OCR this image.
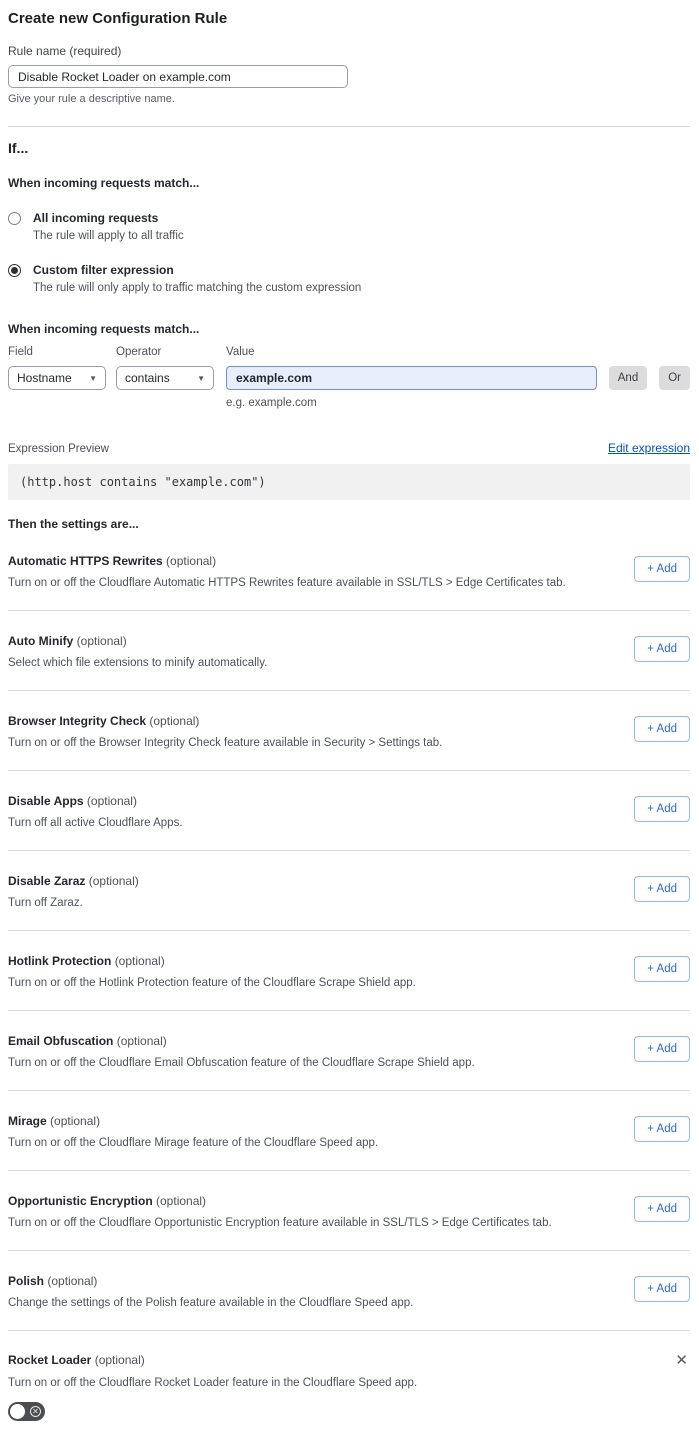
Create new Configuration Rule
Rule name (required)
Disable Rocket Loader on example.com
Give your rule a descriptive name.
If...
When incoming requests match...
All incoming requests
The rule will apply to all traffic
Custom filter expression
The rule will only apply to traffic matching the custom expression
When incoming requests match...
Field
Hostname	▼
Operator
contains	▼
Value
example.com
e.g. example.com
And	Or
Expression Preview	Edit expression
(http.host contains "example.com")
Then the settings are...
Automatic HTTPS Rewrites (optional)
Turn on or off the Cloudflare Automatic HTTPS Rewrites feature available in SSL/TLS > Edge Certificates tab.
+ Add
Auto Minify (optional)
Select which file extensions to minify automatically.
+ Add
Browser Integrity Check (optional)
Turn on or off the Browser Integrity Check feature available in Security > Settings tab.
+ Add
Disable Apps (optional)
Turn off all active Cloudflare Apps.
+ Add
Disable Zaraz (optional)
Turn off Zaraz.
+ Add
Hotlink Protection (optional)
Turn on or off the Hotlink Protection feature of the Cloudflare Scrape Shield app.
+ Add
Email Obfuscation (optional)
Turn on or off the Cloudflare Email Obfuscation feature of the Cloudflare Scrape Shield app.
+ Add
Mirage (optional)
Turn on or off the Cloudflare Mirage feature of the Cloudflare Speed app.
+ Add
Opportunistic Encryption (optional)
Turn on or off the Cloudflare Opportunistic Encryption feature available in SSL/TLS > Edge Certificates tab.
+ Add
Polish (optional)
Change the settings of the Polish feature available in the Cloudflare Speed app.
+ Add
Rocket Loader (optional)	✕
Turn on or off the Cloudflare Rocket Loader feature in the Cloudflare Speed app.
✕
